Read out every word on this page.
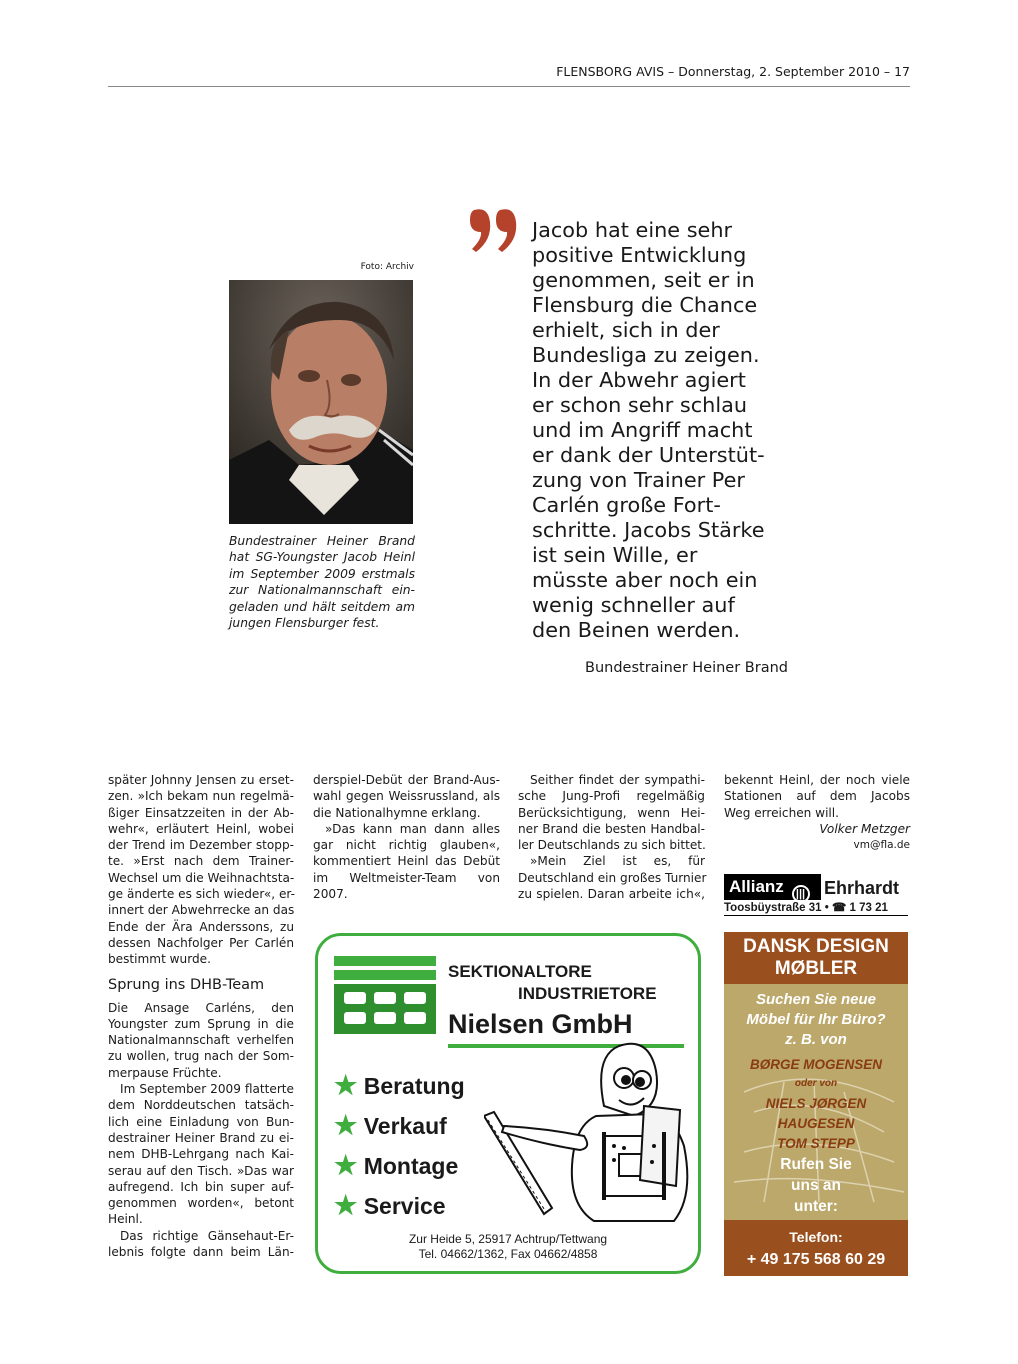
FLENSBORG AVIS – Donnerstag, 2. September 2010 – 17
Foto: Archiv
Bundestrainer Heiner Brand
hat SG-Youngster Jacob Heinl
im September 2009 erstmals
zur Nationalmannschaft ein-
geladen und hält seitdem am
jungen Flensburger fest.
Jacob hat eine sehr
positive Entwicklung
genommen, seit er in
Flensburg die Chance
erhielt, sich in der
Bundesliga zu zeigen.
In der Abwehr agiert
er schon sehr schlau
und im Angriff macht
er dank der Unterstüt-
zung von Trainer Per
Carlén große Fort-
schritte. Jacobs Stärke
ist sein Wille, er
müsste aber noch ein
wenig schneller auf
den Beinen werden.
Bundestrainer Heiner Brand
später Johnny Jensen zu erset-
zen. »Ich bekam nun regelmä-
ßiger Einsatzzeiten in der Ab-
wehr«, erläutert Heinl, wobei
der Trend im Dezember stopp-
te. »Erst nach dem Trainer-
Wechsel um die Weihnachtsta-
ge änderte es sich wieder«, er-
innert der Abwehrrecke an das
Ende der Ära Anderssons, zu
dessen Nachfolger Per Carlén
bestimmt wurde.
Sprung ins DHB-Team
Die Ansage Carléns, den
Youngster zum Sprung in die
Nationalmannschaft verhelfen
zu wollen, trug nach der Som-
merpause Früchte.
Im September 2009 flatterte
dem Norddeutschen tatsäch-
lich eine Einladung von Bun-
destrainer Heiner Brand zu ei-
nem DHB-Lehrgang nach Kai-
serau auf den Tisch. »Das war
aufregend. Ich bin super auf-
genommen worden«, betont
Heinl.
Das richtige Gänsehaut-Er-
lebnis folgte dann beim Län-
derspiel-Debüt der Brand-Aus-
wahl gegen Weissrussland, als
die Nationalhymne erklang.
»Das kann man dann alles
gar nicht richtig glauben«,
kommentiert Heinl das Debüt
im Weltmeister-Team von
2007.
Seither findet der sympathi-
sche Jung-Profi regelmäßig
Berücksichtigung, wenn Hei-
ner Brand die besten Handbal-
ler Deutschlands zu sich bittet.
»Mein Ziel ist es, für
Deutschland ein großes Turnier
zu spielen. Daran arbeite ich«,
bekennt Heinl, der noch viele
Stationen auf dem Jacobs
Weg erreichen will.
Volker Metzger
vm@fla.de
Allianz |||	Ehrhardt
Toosbüystraße 31 • ☎ 1 73 21
SEKTIONALTORE
INDUSTRIETORE
Nielsen GmbH
★ Beratung
★ Verkauf
★ Montage
★ Service
Zur Heide 5, 25917 Achtrup/Tettwang
Tel. 04662/1362, Fax 04662/4858
DANSK DESIGN
MØBLER
Suchen Sie neue
Möbel für Ihr Büro?
z. B. von
BØRGE MOGENSEN
oder von
NIELS JØRGEN
HAUGESEN
TOM STEPP
Rufen Sie
uns an
unter:
Telefon:
+ 49 175 568 60 29
